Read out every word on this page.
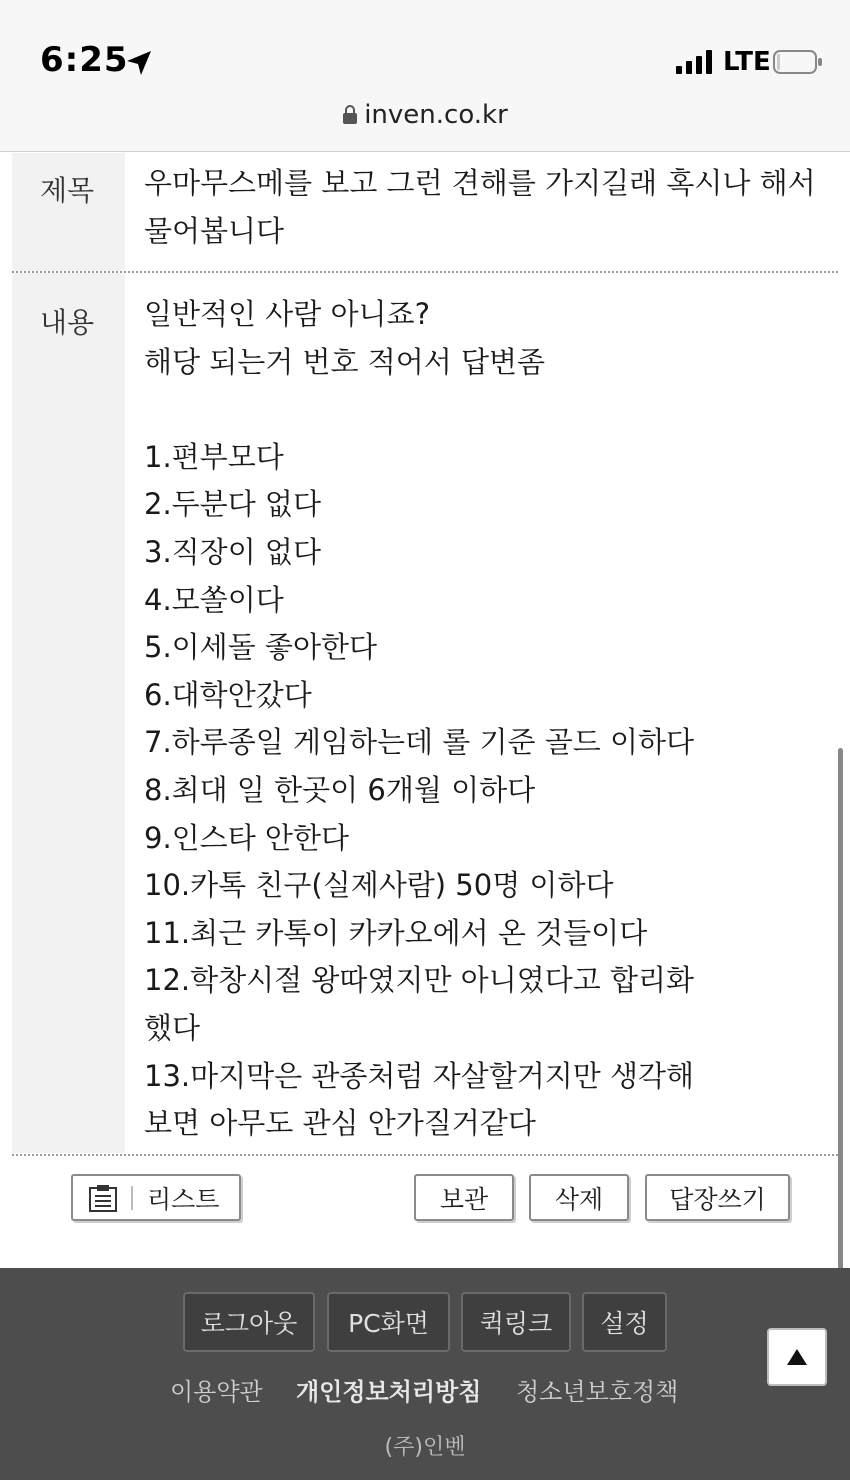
6:25	LTE
inven.co.kr
제목 우마무스메를 보고 그런 견해를 가지길래 혹시나 해서
물어봅니다
내용 일반적인 사람 아니죠?
해당 되는거 번호 적어서 답변좀
1.편부모다
2.두분다 없다
3.직장이 없다
4.모쏠이다
5.이세돌 좋아한다
6.대학안갔다
7.하루종일 게임하는데 롤 기준 골드 이하다
8.최대 일 한곳이 6개월 이하다
9.인스타 안한다
10.카톡 친구(실제사람) 50명 이하다
11.최근 카톡이 카카오에서 온 것들이다
12.학창시절 왕따였지만 아니였다고 합리화
했다
13.마지막은 관종처럼 자살할거지만 생각해
보면 아무도 관심 안가질거같다
리스트	보관	삭제	답장쓰기
로그아웃 PC화면 퀵링크 설정
이용약관 개인정보처리방침 청소년보호정책
(주)인벤
